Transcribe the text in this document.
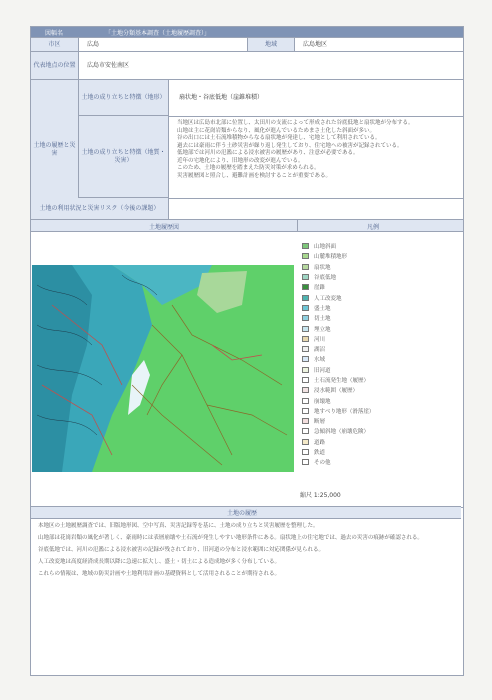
図幅名	「土地分類基本調査（土地履歴調査）」
市区	広島	地域	広島地区
代表地点の位置 広島市安佐南区
土地の履歴と災害
土地の成り立ちと特徴（地形） 扇状地・谷底低地（崖錐堆積）
土地の成り立ちと特徴（地質・災害）
当地区は広島市北部に位置し、太田川の支流によって形成された谷底低地と扇状地が分布する。
山地は主に花崗岩類からなり、風化が進んでいるためまさ土化した斜面が多い。
谷の出口には土石流堆積物からなる扇状地が発達し、宅地として利用されている。
過去には豪雨に伴う土砂災害が繰り返し発生しており、住宅地への被害が記録されている。
低地部では河川の氾濫による浸水被害の履歴があり、注意が必要である。
近年の宅地化により、旧地形の改変が進んでいる。
このため、土地の履歴を踏まえた防災対策が求められる。
災害履歴図と照合し、避難計画を検討することが重要である。
土地の利用状況と災害リスク（今後の課題）
土地履歴図	凡例
山地斜面
山麓堆積地形
扇状地
谷底低地
崖錐
人工改変地
盛土地
切土地
埋立地
河川
湖沼
水域
旧河道
土石流発生地（履歴）
浸水範囲（履歴）
崩壊地
地すべり地形（滑落崖）
断層
急傾斜地（崩壊危険）
道路
鉄道
その他
縮尺 1:25,000
土地の履歴

本地区の土地履歴調査では、旧版地形図、空中写真、災害記録等を基に、土地の成り立ちと災害履歴を整理した。

山地部は花崗岩類の風化が著しく、豪雨時には表層崩壊や土石流が発生しやすい地形条件にある。扇状地上の住宅地では、過去の災害の痕跡が確認される。

谷底低地では、河川の氾濫による浸水被害の記録が残されており、旧河道の分布と浸水範囲に対応関係が見られる。

人工改変地は高度経済成長期以降に急速に拡大し、盛土・切土による造成地が多く分布している。

これらの情報は、地域の防災計画や土地利用計画の基礎資料として活用されることが期待される。
